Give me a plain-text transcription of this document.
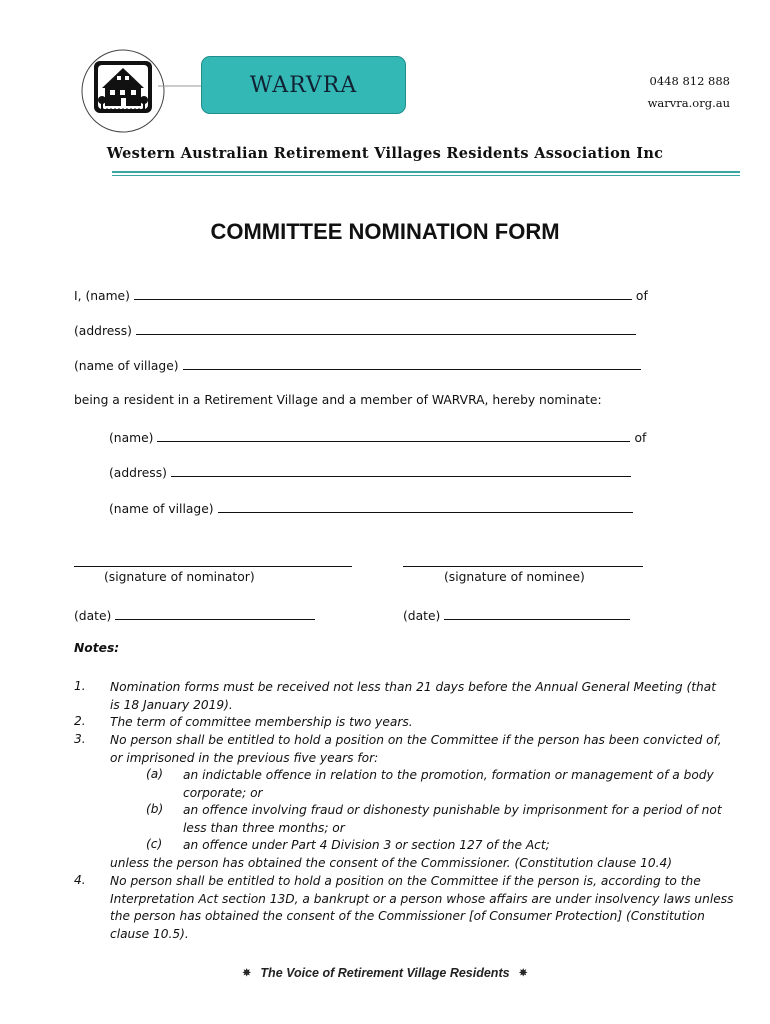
WARVRA	0448 812 888
warvra.org.au
Western Australian Retirement Villages Residents Association Inc
COMMITTEE NOMINATION FORM
I, (name)	of
(address)
(name of village)
being a resident in a Retirement Village and a member of WARVRA, hereby nominate:
(name)	of
(address)
(name of village)
(signature of nominator)	(signature of nominee)
(date)	(date)
Notes:
1. Nomination forms must be received not less than 21 days before the Annual General Meeting (that
is 18 January 2019).
2. The term of committee membership is two years.
3. No person shall be entitled to hold a position on the Committee if the person has been convicted of,
or imprisoned in the previous five years for:
(a) an indictable offence in relation to the promotion, formation or management of a body
corporate; or
(b) an offence involving fraud or dishonesty punishable by imprisonment for a period of not
less than three months; or
(c) an offence under Part 4 Division 3 or section 127 of the Act;
unless the person has obtained the consent of the Commissioner. (Constitution clause 10.4)
4. No person shall be entitled to hold a position on the Committee if the person is, according to the
Interpretation Act section 13D, a bankrupt or a person whose affairs are under insolvency laws unless
the person has obtained the consent of the Commissioner [of Consumer Protection] (Constitution
clause 10.5).
✵ The Voice of Retirement Village Residents ✵
